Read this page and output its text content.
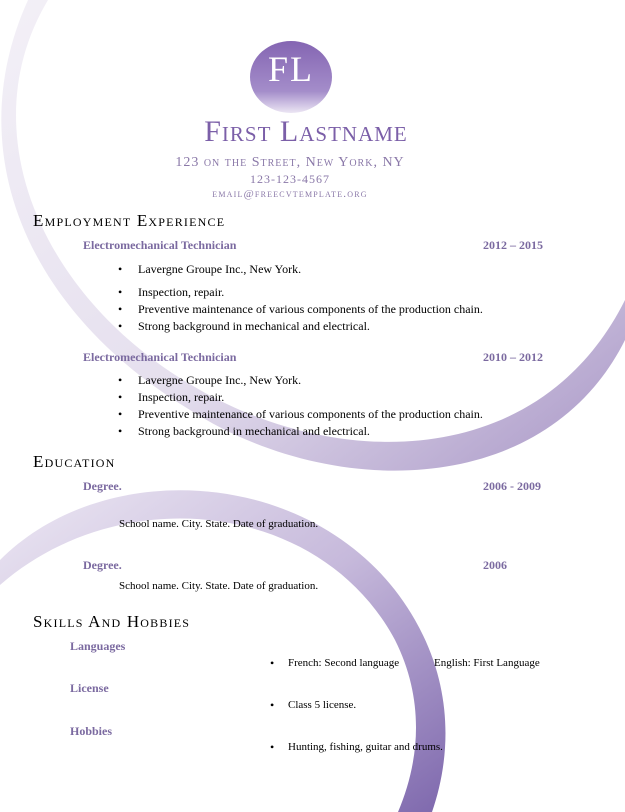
FL
First Lastname
123 on the Street, New York, NY
123-123-4567
email@freecvtemplate.org
Employment Experience
Electromechanical Technician	2012 – 2015
• Lavergne Groupe Inc., New York.
• Inspection, repair.
• Preventive maintenance of various components of the production chain.
• Strong background in mechanical and electrical.
Electromechanical Technician	2010 – 2012
• Lavergne Groupe Inc., New York.
• Inspection, repair.
• Preventive maintenance of various components of the production chain.
• Strong background in mechanical and electrical.
Education
Degree.	2006 - 2009
School name. City. State. Date of graduation.
Degree.	2006
School name. City. State. Date of graduation.
Skills And Hobbies
Languages
• French: Second language	English: First Language
License
• Class 5 license.
Hobbies
• Hunting, fishing, guitar and drums.
